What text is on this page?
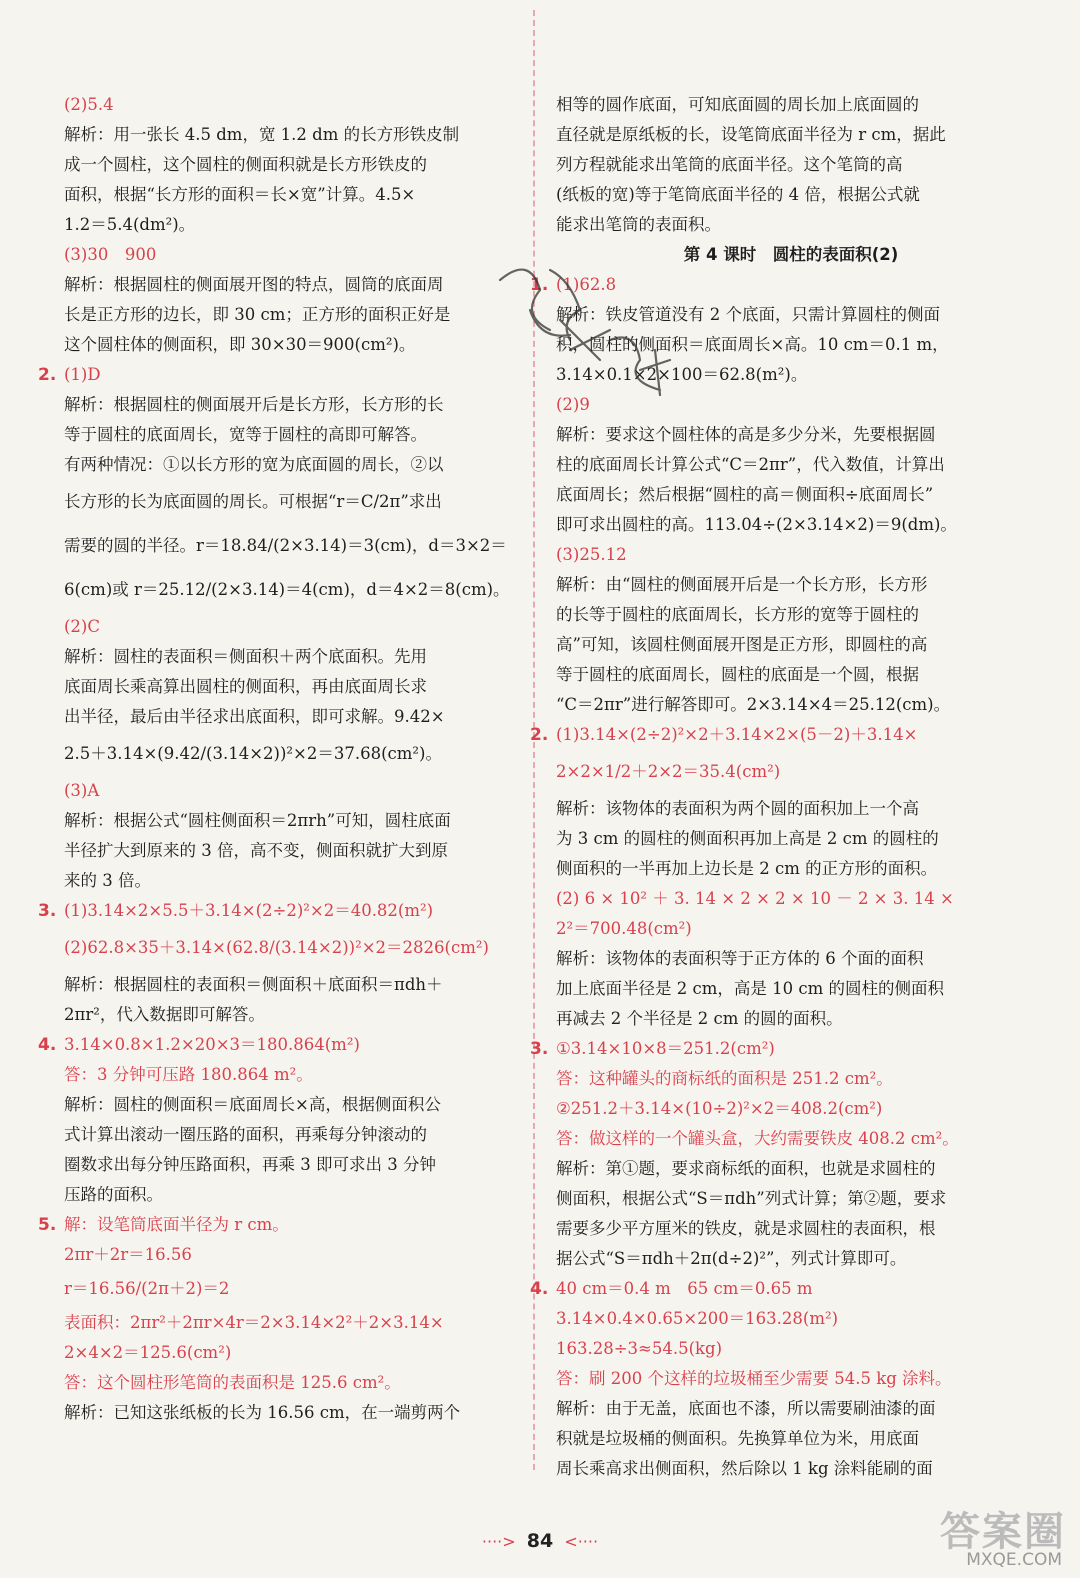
(2)5.4
解析：用一张长 4.5 dm，宽 1.2 dm 的长方形铁皮制
成一个圆柱，这个圆柱的侧面积就是长方形铁皮的
面积，根据“长方形的面积＝长×宽”计算。4.5×
1.2＝5.4(dm²)。
(3)30　900
解析：根据圆柱的侧面展开图的特点，圆筒的底面周
长是正方形的边长，即 30 cm；正方形的面积正好是
这个圆柱体的侧面积，即 30×30＝900(cm²)。
2. (1)D
解析：根据圆柱的侧面展开后是长方形，长方形的长
等于圆柱的底面周长，宽等于圆柱的高即可解答。
有两种情况：①以长方形的宽为底面圆的周长，②以
长方形的长为底面圆的周长。可根据“r＝C/2π”求出
需要的圆的半径。r＝18.84/(2×3.14)＝3(cm)，d＝3×2＝
6(cm)或 r＝25.12/(2×3.14)＝4(cm)，d＝4×2＝8(cm)。
(2)C
解析：圆柱的表面积＝侧面积＋两个底面积。先用
底面周长乘高算出圆柱的侧面积，再由底面周长求
出半径，最后由半径求出底面积，即可求解。9.42×
2.5＋3.14×(9.42/(3.14×2))²×2＝37.68(cm²)。
(3)A
解析：根据公式“圆柱侧面积＝2πrh”可知，圆柱底面
半径扩大到原来的 3 倍，高不变，侧面积就扩大到原
来的 3 倍。
3. (1)3.14×2×5.5＋3.14×(2÷2)²×2＝40.82(m²)
(2)62.8×35＋3.14×(62.8/(3.14×2))²×2＝2826(cm²)
解析：根据圆柱的表面积＝侧面积＋底面积＝πdh＋
2πr²，代入数据即可解答。
4. 3.14×0.8×1.2×20×3＝180.864(m²)
答：3 分钟可压路 180.864 m²。
解析：圆柱的侧面积＝底面周长×高，根据侧面积公
式计算出滚动一圈压路的面积，再乘每分钟滚动的
圈数求出每分钟压路面积，再乘 3 即可求出 3 分钟
压路的面积。
5. 解：设笔筒底面半径为 r cm。
2πr＋2r＝16.56
r＝16.56/(2π＋2)＝2
表面积：2πr²＋2πr×4r＝2×3.14×2²＋2×3.14×
2×4×2＝125.6(cm²)
答：这个圆柱形笔筒的表面积是 125.6 cm²。
解析：已知这张纸板的长为 16.56 cm，在一端剪两个
相等的圆作底面，可知底面圆的周长加上底面圆的
直径就是原纸板的长，设笔筒底面半径为 r cm，据此
列方程就能求出笔筒的底面半径。这个笔筒的高
(纸板的宽)等于笔筒底面半径的 4 倍，根据公式就
能求出笔筒的表面积。
第 4 课时　圆柱的表面积(2)
1. (1)62.8
解析：铁皮管道没有 2 个底面，只需计算圆柱的侧面
积，圆柱的侧面积＝底面周长×高。10 cm＝0.1 m，
3.14×0.1×2×100＝62.8(m²)。
(2)9
解析：要求这个圆柱体的高是多少分米，先要根据圆
柱的底面周长计算公式“C＝2πr”，代入数值，计算出
底面周长；然后根据“圆柱的高＝侧面积÷底面周长”
即可求出圆柱的高。113.04÷(2×3.14×2)＝9(dm)。
(3)25.12
解析：由“圆柱的侧面展开后是一个长方形，长方形
的长等于圆柱的底面周长，长方形的宽等于圆柱的
高”可知，该圆柱侧面展开图是正方形，即圆柱的高
等于圆柱的底面周长，圆柱的底面是一个圆，根据
“C＝2πr”进行解答即可。2×3.14×4＝25.12(cm)。
2. (1)3.14×(2÷2)²×2＋3.14×2×(5－2)＋3.14×
2×2×1/2＋2×2＝35.4(cm²)
解析：该物体的表面积为两个圆的面积加上一个高
为 3 cm 的圆柱的侧面积再加上高是 2 cm 的圆柱的
侧面积的一半再加上边长是 2 cm 的正方形的面积。
(2) 6 × 10² ＋ 3. 14 × 2 × 2 × 10 － 2 × 3. 14 ×
2²＝700.48(cm²)
解析：该物体的表面积等于正方体的 6 个面的面积
加上底面半径是 2 cm，高是 10 cm 的圆柱的侧面积
再减去 2 个半径是 2 cm 的圆的面积。
3. ①3.14×10×8＝251.2(cm²)
答：这种罐头的商标纸的面积是 251.2 cm²。
②251.2＋3.14×(10÷2)²×2＝408.2(cm²)
答：做这样的一个罐头盒，大约需要铁皮 408.2 cm²。
解析：第①题，要求商标纸的面积，也就是求圆柱的
侧面积，根据公式“S＝πdh”列式计算；第②题，要求
需要多少平方厘米的铁皮，就是求圆柱的表面积，根
据公式“S＝πdh＋2π(d÷2)²”，列式计算即可。
4. 40 cm＝0.4 m　65 cm＝0.65 m
3.14×0.4×0.65×200＝163.28(m²)
163.28÷3≈54.5(kg)
答：刷 200 个这样的垃圾桶至少需要 54.5 kg 涂料。
解析：由于无盖，底面也不漆，所以需要刷油漆的面
积就是垃圾桶的侧面积。先换算单位为米，用底面
周长乘高求出侧面积，然后除以 1 kg 涂料能刷的面
····> 84 <····	答案圈
MXQE.COM
